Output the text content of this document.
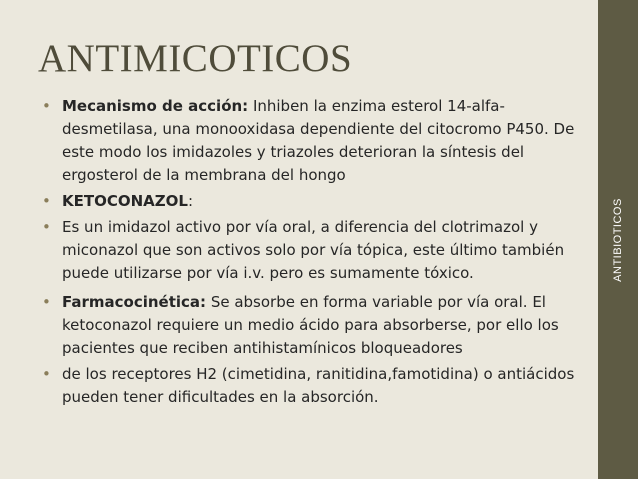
ANTIBIOTICOS
ANTIMICOTICOS
• Mecanismo de acción: Inhiben la enzima esterol 14-alfa-desmetilasa, una monooxidasa dependiente del citocromo P450. De este modo los imidazoles y triazoles deterioran la síntesis del ergosterol de la membrana del hongo
• KETOCONAZOL:
• Es un imidazol activo por vía oral, a diferencia del clotrimazol y miconazol que son activos solo por vía tópica, este último también puede utilizarse por vía i.v. pero es sumamente tóxico.
• Farmacocinética: Se absorbe en forma variable por vía oral. El ketoconazol requiere un medio ácido para absorberse, por ello los pacientes que reciben antihistamínicos bloqueadores
• de los receptores H2 (cimetidina, ranitidina,famotidina) o antiácidos pueden tener dificultades en la absorción.
